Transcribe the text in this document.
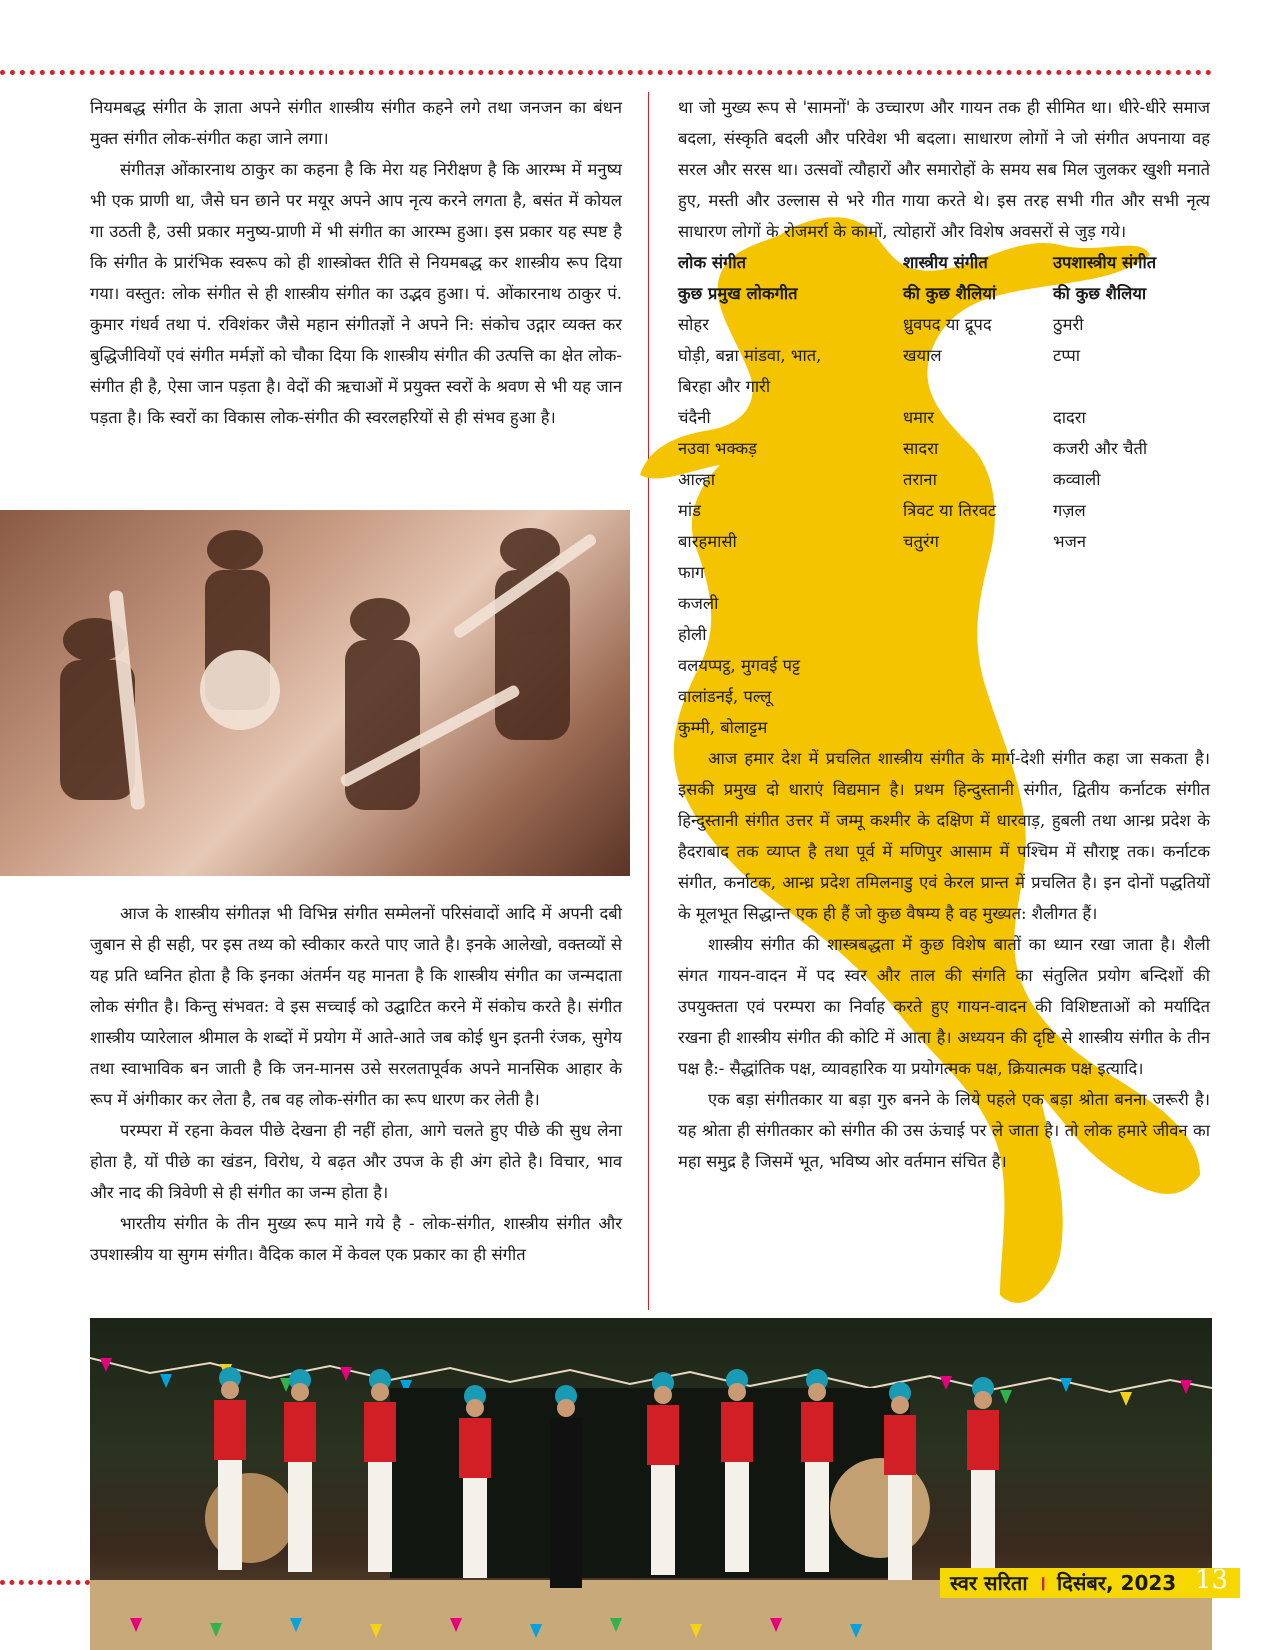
नियमबद्ध संगीत के ज्ञाता अपने संगीत शास्त्रीय संगीत कहने लगे तथा जनजन का बंधन मुक्त संगीत लोक-संगीत कहा जाने लगा।

संगीतज्ञ ओंकारनाथ ठाकुर का कहना है कि मेरा यह निरीक्षण है कि आरम्भ में मनुष्य भी एक प्राणी था, जैसे घन छाने पर मयूर अपने आप नृत्य करने लगता है, बसंत में कोयल गा उठती है, उसी प्रकार मनुष्य-प्राणी में भी संगीत का आरम्भ हुआ। इस प्रकार यह स्पष्ट है कि संगीत के प्रारंभिक स्वरूप को ही शास्त्रोक्त रीति से नियमबद्ध कर शास्त्रीय रूप दिया गया। वस्तुत: लोक संगीत से ही शास्त्रीय संगीत का उद्भव हुआ। पं. ओंकारनाथ ठाकुर पं. कुमार गंधर्व तथा पं. रविशंकर जैसे महान संगीतज्ञों ने अपने नि: संकोच उद्गार व्यक्त कर बुद्धिजीवियों एवं संगीत मर्मज्ञों को चौका दिया कि शास्त्रीय संगीत की उत्पत्ति का क्षेत लोक-संगीत ही है, ऐसा जान पड़ता है। वेदों की ऋचाओं में प्रयुक्त स्वरों के श्रवण से भी यह जान पड़ता है। कि स्वरों का विकास लोक-संगीत की स्वरलहरियों से ही संभव हुआ है।

आज के शास्त्रीय संगीतज्ञ भी विभिन्न संगीत सम्मेलनों परिसंवादों आदि में अपनी दबी जुबान से ही सही, पर इस तथ्य को स्वीकार करते पाए जाते है। इनके आलेखो, वक्तव्यों से यह प्रति ध्वनित होता है कि इनका अंतर्मन यह मानता है कि शास्त्रीय संगीत का जन्मदाता लोक संगीत है। किन्तु संभवत: वे इस सच्चाई को उद्घाटित करने में संकोच करते है। संगीत शास्त्रीय प्यारेलाल श्रीमाल के शब्दों में प्रयोग में आते-आते जब कोई धुन इतनी रंजक, सुगेय तथा स्वाभाविक बन जाती है कि जन-मानस उसे सरलतापूर्वक अपने मानसिक आहार के रूप में अंगीकार कर लेता है, तब वह लोक-संगीत का रूप धारण कर लेती है।

परम्परा में रहना केवल पीछे देखना ही नहीं होता, आगे चलते हुए पीछे की सुध लेना होता है, यों पीछे का खंडन, विरोध, ये बढ़त और उपज के ही अंग होते है। विचार, भाव और नाद की त्रिवेणी से ही संगीत का जन्म होता है।

भारतीय संगीत के तीन मुख्य रूप माने गये है - लोक-संगीत, शास्त्रीय संगीत और उपशास्त्रीय या सुगम संगीत। वैदिक काल में केवल एक प्रकार का ही संगीत

था जो मुख्य रूप से 'सामनों' के उच्चारण और गायन तक ही सीमित था। धीरे-धीरे समाज बदला, संस्कृति बदली और परिवेश भी बदला। साधारण लोगों ने जो संगीत अपनाया वह सरल और सरस था। उत्सवों त्यौहारों और समारोहों के समय सब मिल जुलकर खुशी मनाते हुए, मस्ती और उल्लास से भरे गीत गाया करते थे। इस तरह सभी गीत और सभी नृत्य साधारण लोगों के रोजमर्रा के कामों, त्योहारों और विशेष अवसरों से जुड़ गये।

लोक संगीत	शास्त्रीय संगीत	उपशास्त्रीय संगीत
कुछ प्रमुख लोकगीत	की कुछ शैलियां	की कुछ शैलिया
सोहर	ध्रुवपद या द्रूपद	ठुमरी
घोड़ी, बन्ना मांडवा, भात,	खयाल	टप्पा
बिरहा और गारी
चंदैनी	धमार	दादरा
नउवा भक्कड़	सादरा	कजरी और चैती
आल्हा	तराना	कव्वाली
मांड	त्रिवट या तिरवट	गज़ल
बारहमासी	चतुरंग	भजन
फाग
कजली
होली
वलयप्पट्ठ, मुगवई पट्ट
वालांडनई, पल्लू
कुम्मी, बोलाट्टम

आज हमार देश में प्रचलित शास्त्रीय संगीत के मार्ग-देशी संगीत कहा जा सकता है। इसकी प्रमुख दो धाराएं विद्यमान है। प्रथम हिन्दुस्तानी संगीत, द्वितीय कर्नाटक संगीत हिन्दुस्तानी संगीत उत्तर में जम्मू कश्मीर के दक्षिण में धारवाड़, हुबली तथा आन्ध्र प्रदेश के हैदराबाद तक व्याप्त है तथा पूर्व में मणिपुर आसाम में पश्चिम में सौराष्ट्र तक। कर्नाटक संगीत, कर्नाटक, आन्ध्र प्रदेश तमिलनाडु एवं केरल प्रान्त में प्रचलित है। इन दोनों पद्धतियों के मूलभूत सिद्धान्त एक ही हैं जो कुछ वैषम्य है वह मुख्यत: शैलीगत हैं।

शास्त्रीय संगीत की शास्त्रबद्धता में कुछ विशेष बातों का ध्यान रखा जाता है। शैली संगत गायन-वादन में पद स्वर और ताल की संगति का संतुलित प्रयोग बन्दिशों की उपयुक्तता एवं परम्परा का निर्वाह करते हुए गायन-वादन की विशिष्टताओं को मर्यादित रखना ही शास्त्रीय संगीत की कोटि में आता है। अध्ययन की दृष्टि से शास्त्रीय संगीत के तीन पक्ष है:- सैद्धांतिक पक्ष, व्यावहारिक या प्रयोगत्मक पक्ष, क्रियात्मक पक्ष इत्यादि।

एक बड़ा संगीतकार या बड़ा गुरु बनने के लिये पहले एक बड़ा श्रोता बनना जरूरी है। यह श्रोता ही संगीतकार को संगीत की उस ऊंचाई पर ले जाता है। तो लोक हमारे जीवन का महा समुद्र है जिसमें भूत, भविष्य ओर वर्तमान संचित है।

स्वर सरिता । दिसंबर, 2023 13
